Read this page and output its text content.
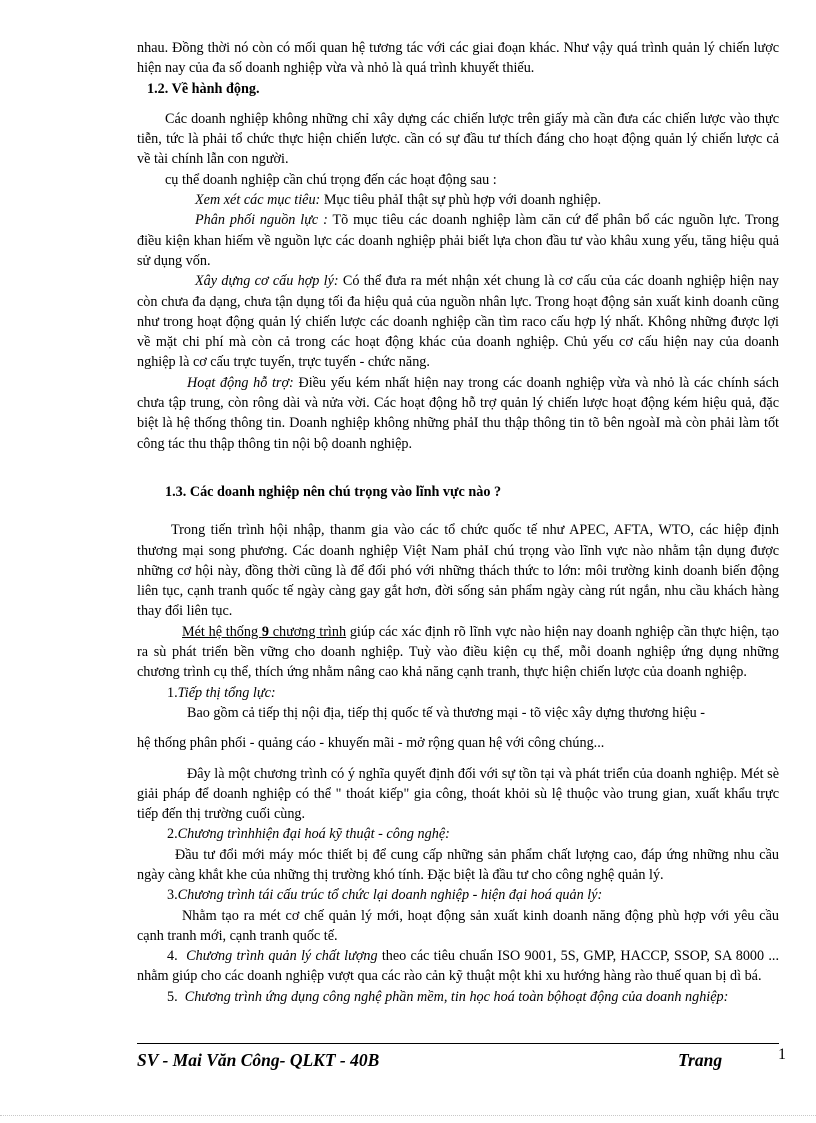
nhau. Đồng thời nó còn có mối quan hệ tương tác với các giai đoạn khác. Như vậy quá trình quản lý chiến lược hiện nay của đa số doanh nghiệp vừa và nhỏ là quá trình khuyết thiếu.

1.2. Về hành động.

Các doanh nghiệp không những chỉ xây dựng các chiến lược trên giấy mà cần đưa các chiến lược vào thực tiễn, tức là phải tổ chức thực hiện chiến lược. cần có sự đầu tư thích đáng cho hoạt động quản lý chiến lược cả về tài chính lẫn con người.

cụ thể doanh nghiệp cần chú trọng đến các hoạt động sau :

Xem xét các mục tiêu: Mục tiêu phảI thật sự phù hợp với doanh nghiệp.

Phân phối nguồn lực : Tõ mục tiêu các doanh nghiệp làm căn cứ để phân bổ các nguồn lực. Trong điều kiện khan hiếm về nguồn lực các doanh nghiệp phải biết lựa chon đầu tư vào khâu xung yếu, tăng hiệu quả sử dụng vốn.

Xây dựng cơ cấu hợp lý: Có thể đưa ra mét nhận xét chung là cơ cấu của các doanh nghiệp hiện nay còn chưa đa dạng, chưa tận dụng tối đa hiệu quả của nguồn nhân lực. Trong hoạt động sản xuất kinh doanh cũng như trong hoạt động quản lý chiến lược các doanh nghiệp cần tìm raco cấu hợp lý nhất. Không những được lợi về mặt chi phí mà còn cả trong các hoạt động khác của doanh nghiệp. Chủ yếu cơ cấu hiện nay của doanh nghiệp là cơ cấu trực tuyến, trực tuyến - chức năng.

Hoạt động hỗ trợ: Điều yếu kém nhất hiện nay trong các doanh nghiệp vừa và nhỏ là các chính sách chưa tập trung, còn rông dài và nửa vời. Các hoạt động hỗ trợ quản lý chiến lược hoạt động kém hiệu quả, đặc biệt là hệ thống thông tin. Doanh nghiệp không những phảI thu thập thông tin tõ bên ngoàI mà còn phải làm tốt công tác thu thập thông tin nội bộ doanh nghiệp.

1.3. Các doanh nghiệp nên chú trọng vào lĩnh vực nào ?

Trong tiến trình hội nhập, thanm gia vào các tổ chức quốc tế như APEC, AFTA, WTO, các hiệp định thương mại song phương. Các doanh nghiệp Việt Nam phảI chú trọng vào lĩnh vực nào nhằm tận dụng được những cơ hội này, đồng thời cũng là để đối phó với những thách thức to lớn: môi trường kinh doanh biến động liên tục, cạnh tranh quốc tế ngày càng gay gắt hơn, đời sống sản phẩm ngày càng rút ngắn, nhu cầu khách hàng thay đổi liên tục.

Mét hệ thống 9 chương trình giúp các xác định rõ lĩnh vực nào hiện nay doanh nghiệp cần thực hiện, tạo ra sù phát triển bền vững cho doanh nghiệp. Tuỳ vào điều kiện cụ thể, mỗi doanh nghiệp ứng dụng những chương trình cụ thể, thích ứng nhằm nâng cao khả năng cạnh tranh, thực hiện chiến lược của doanh nghiệp.

1.Tiếp thị tổng lực:

Bao gồm cả tiếp thị nội địa, tiếp thị quốc tế và thương mại - tõ việc xây dựng thương hiệu -

hệ thống phân phối - quảng cáo - khuyến mãi - mở rộng quan hệ với công chúng...

Đây là một chương trình có ý nghĩa quyết định đối với sự tồn tại và phát triển của doanh nghiệp. Mét sè giải pháp để doanh nghiệp có thể " thoát kiếp" gia công, thoát khỏi sù lệ thuộc vào trung gian, xuất khẩu trực tiếp đến thị trường cuối cùng.

2.Chương trìnhhiện đại hoá kỹ thuật - công nghệ:

Đầu tư đổi mới máy móc thiết bị để cung cấp những sản phẩm chất lượng cao, đáp ứng những nhu cầu ngày càng khắt khe của những thị trường khó tính. Đặc biệt là đầu tư cho công nghệ quản lý.

3.Chương trình tái cấu trúc tổ chức lại doanh nghiệp - hiện đại hoá quản lý:

Nhằm tạo ra mét cơ chế quản lý mới, hoạt động sản xuất kinh doanh năng động phù hợp với yêu cầu cạnh tranh mới, cạnh tranh quốc tế.

4. Chương trình quản lý chất lượng theo các tiêu chuẩn ISO 9001, 5S, GMP, HACCP, SSOP, SA 8000 ... nhằm giúp cho các doanh nghiệp vượt qua các rào cản kỹ thuật một khi xu hướng hàng rào thuế quan bị dì bá.

5. Chương trình ứng dụng công nghệ phần mềm, tin học hoá toàn bộhoạt động của doanh nghiệp:

SV - Mai Văn Công- QLKT - 40B	Trang	1
